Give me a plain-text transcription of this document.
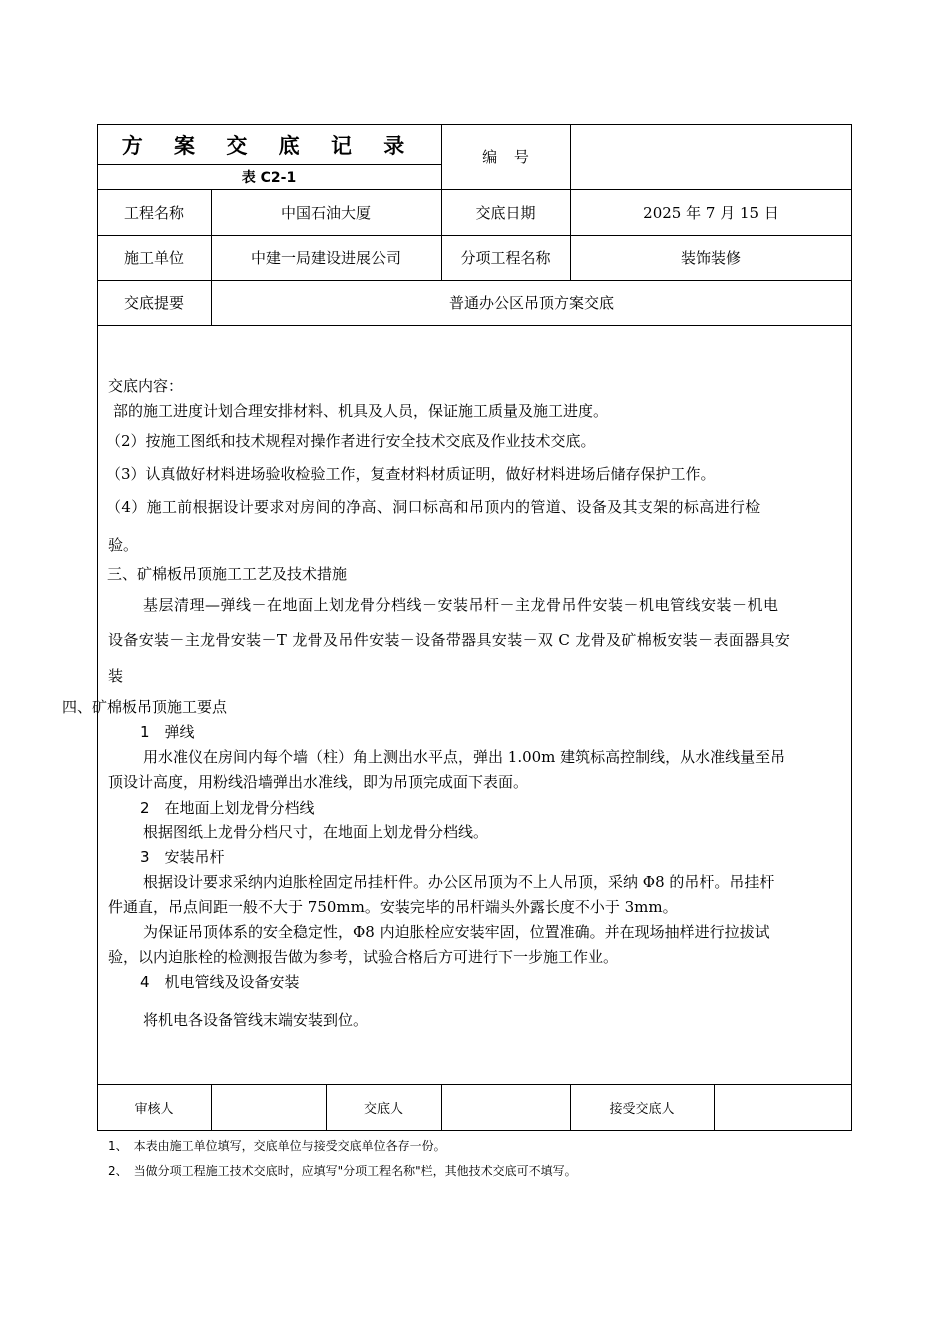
方 案 交 底 记 录
表 C2-1
编 号
工程名称	中国石油大厦	交底日期	2025 年 7 月 15 日
施工单位	中建一局建设进展公司	分项工程名称	装饰装修
交底提要	普通办公区吊顶方案交底
交底内容：
部的施工进度计划合理安排材料、机具及人员，保证施工质量及施工进度。
（2）按施工图纸和技术规程对操作者进行安全技术交底及作业技术交底。
（3）认真做好材料进场验收检验工作，复查材料材质证明，做好材料进场后储存保护工作。
（4）施工前根据设计要求对房间的净高、洞口标高和吊顶内的管道、设备及其支架的标高进行检
验。
三、矿棉板吊顶施工工艺及技术措施
基层清理—弹线－在地面上划龙骨分档线－安装吊杆－主龙骨吊件安装－机电管线安装－机电
设备安装－主龙骨安装－T 龙骨及吊件安装－设备带器具安装－双 C 龙骨及矿棉板安装－表面器具安
装
四、矿棉板吊顶施工要点
1　弹线
用水准仪在房间内每个墙（柱）角上测出水平点，弹出 1.00m 建筑标高控制线，从水准线量至吊
顶设计高度，用粉线沿墙弹出水准线，即为吊顶完成面下表面。
2　在地面上划龙骨分档线
根据图纸上龙骨分档尺寸，在地面上划龙骨分档线。
3　安装吊杆
根据设计要求采纳内迫胀栓固定吊挂杆件。办公区吊顶为不上人吊顶，采纳 Φ8 的吊杆。吊挂杆
件通直，吊点间距一般不大于 750mm。安装完毕的吊杆端头外露长度不小于 3mm。
为保证吊顶体系的安全稳定性，Φ8 内迫胀栓应安装牢固，位置准确。并在现场抽样进行拉拔试
验，以内迫胀栓的检测报告做为参考，试验合格后方可进行下一步施工作业。
4　机电管线及设备安装
将机电各设备管线末端安装到位。
审核人	交底人	接受交底人
1、　本表由施工单位填写，交底单位与接受交底单位各存一份。
2、　当做分项工程施工技术交底时，应填写"分项工程名称"栏，其他技术交底可不填写。
